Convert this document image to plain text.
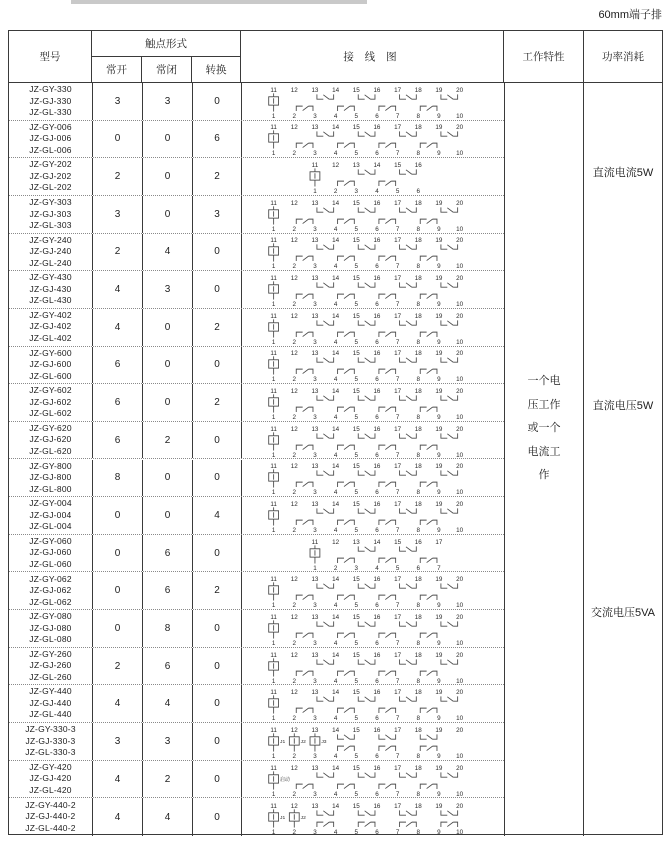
60mm端子排
型号
触点形式
常开	常闭	转换
接 线 图	工作特性	功率消耗
JZ-GY-330
JZ-GJ-330
JZ-GL-330
3	3	0
11 12 13 14 15 16 17 18 19 20
1	2	3	4	5	6	7	8	9 10
JZ-GY-006
JZ-GJ-006
JZ-GL-006
0	0	6
11 12 13 14 15 16 17 18 19 20
1	2	3	4	5	6	7	8	9 10
JZ-GY-202
JZ-GJ-202
JZ-GL-202
2	0	2
11 12 13 14 15 16
1	2	3	4	5	6
JZ-GY-303
JZ-GJ-303
JZ-GL-303
3	0	3
11 12 13 14 15 16 17 18 19 20
1	2	3	4	5	6	7	8	9 10
JZ-GY-240
JZ-GJ-240
JZ-GL-240
2	4	0
11 12 13 14 15 16 17 18 19 20
1	2	3	4	5	6	7	8	9 10
JZ-GY-430
JZ-GJ-430
JZ-GL-430
4	3	0
11 12 13 14 15 16 17 18 19 20
1	2	3	4	5	6	7	8	9 10
JZ-GY-402
JZ-GJ-402
JZ-GL-402
4	0	2
11 12 13 14 15 16 17 18 19 20
1	2	3	4	5	6	7	8	9 10
JZ-GY-600
JZ-GJ-600
JZ-GL-600
6	0	0
11 12 13 14 15 16 17 18 19 20
1	2	3	4	5	6	7	8	9 10
JZ-GY-602
JZ-GJ-602
JZ-GL-602
6	0	2
11 12 13 14 15 16 17 18 19 20
1	2	3	4	5	6	7	8	9 10
JZ-GY-620
JZ-GJ-620
JZ-GL-620
6	2	0
11 12 13 14 15 16 17 18 19 20
1	2	3	4	5	6	7	8	9 10
JZ-GY-800
JZ-GJ-800
JZ-GL-800
8	0	0
11 12 13 14 15 16 17 18 19 20
1	2	3	4	5	6	7	8	9 10
JZ-GY-004
JZ-GJ-004
JZ-GL-004
0	0	4
11 12 13 14 15 16 17 18 19 20
1	2	3	4	5	6	7	8	9 10
JZ-GY-060
JZ-GJ-060
JZ-GL-060
0	6	0
11 12 13 14 15 16 17
1	2	3	4	5	6	7
JZ-GY-062
JZ-GJ-062
JZ-GL-062
0	6	2
11 12 13 14 15 16 17 18 19 20
1	2	3	4	5	6	7	8	9 10
JZ-GY-080
JZ-GJ-080
JZ-GL-080
0	8	0
11 12 13 14 15 16 17 18 19 20
1	2	3	4	5	6	7	8	9 10
JZ-GY-260
JZ-GJ-260
JZ-GL-260
2	6	0
11 12 13 14 15 16 17 18 19 20
1	2	3	4	5	6	7	8	9 10
JZ-GY-440
JZ-GJ-440
JZ-GL-440
4	4	0
11 12 13 14 15 16 17 18 19 20
1	2	3	4	5	6	7	8	9 10
JZ-GY-330-3
JZ-GJ-330-3
JZ-GL-330-3
3	3	0
11 12 13 14 15 16 17 18 19 20
1	2	3	4	5	6	7	8	9 10
J1	J2	J3
JZ-GY-420
JZ-GJ-420
JZ-GL-420
4	2	0
11 12 13 14 15 16 17 18 19 20
1	2	3	4	5	6	7	8	9 10
启动
JZ-GY-440-2
JZ-GJ-440-2
JZ-GL-440-2
4	4	0
11 12 13 14 15 16 17 18 19 20
1	2	3	4	5	6	7	8	9 10
J1	J2
一个电压工作或一个电流工作
直流电流5W
直流电压5W
交流电压5VA
